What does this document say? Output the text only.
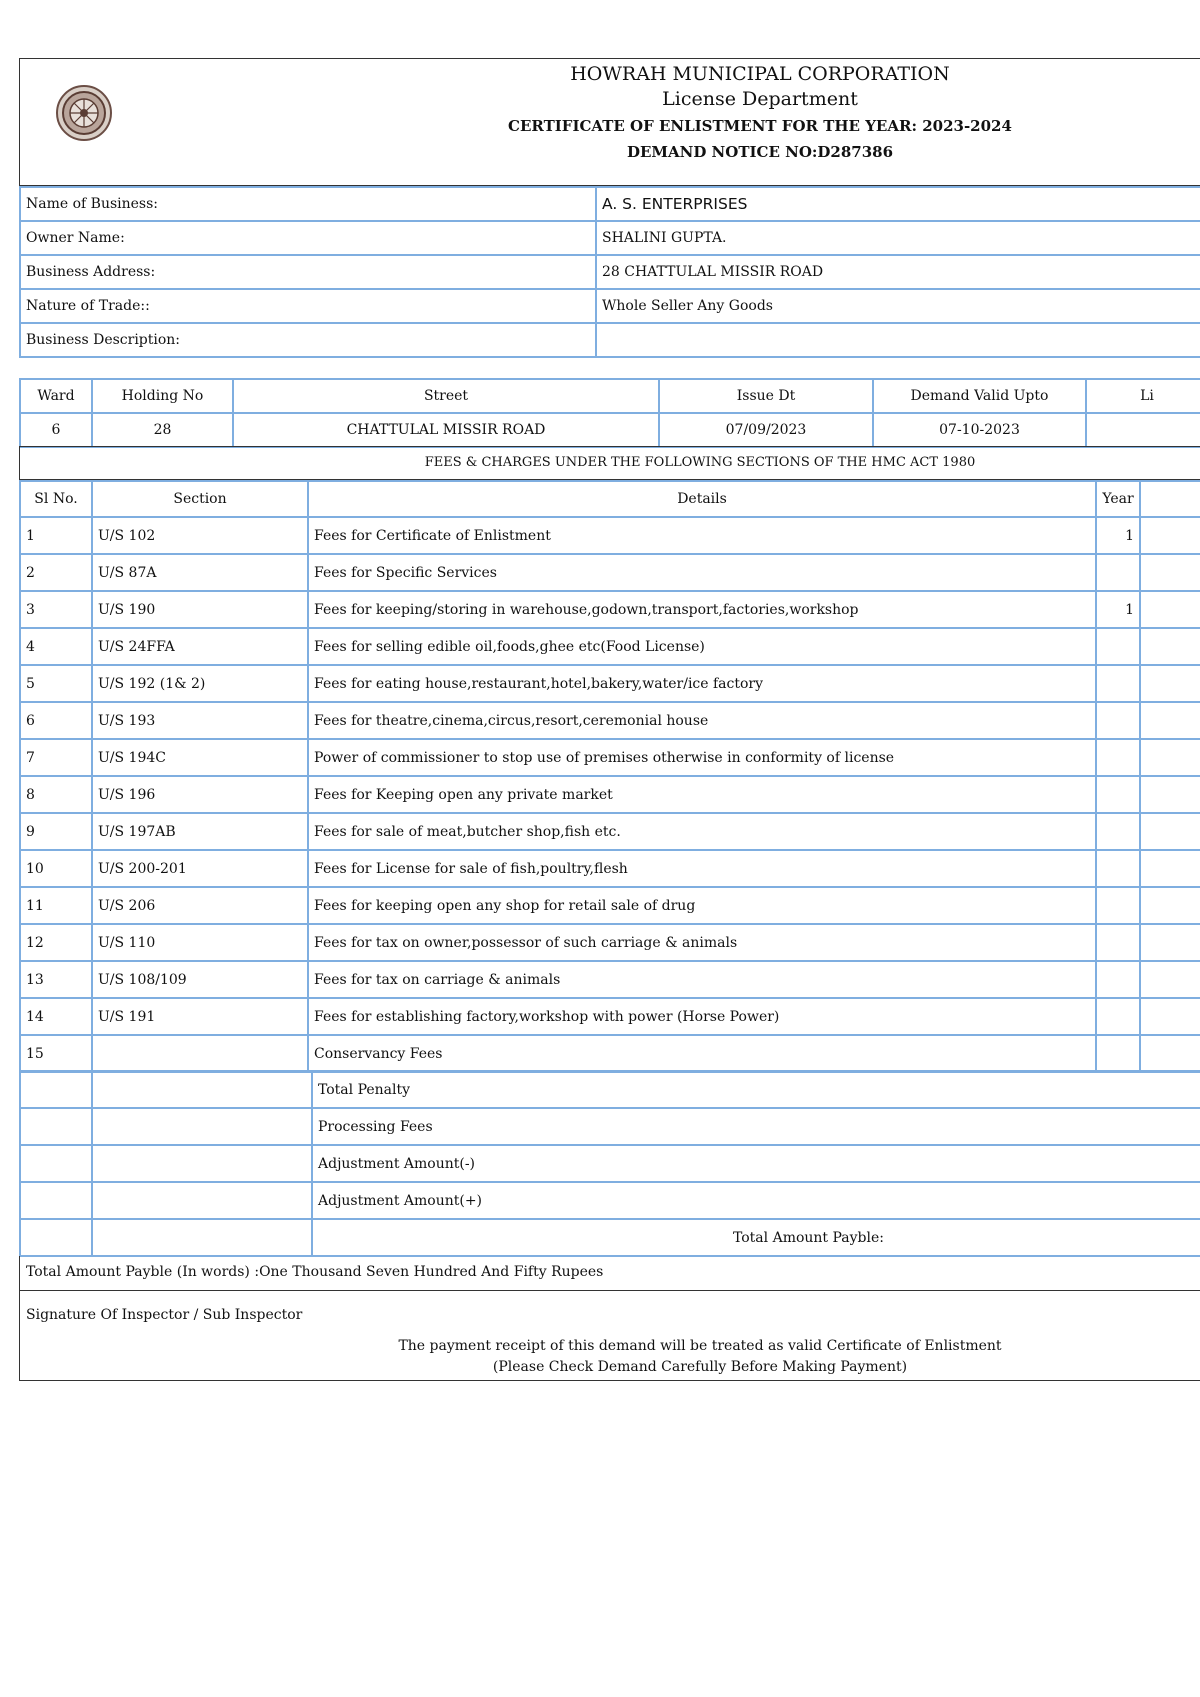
HOWRAH MUNICIPAL CORPORATION
License Department
CERTIFICATE OF ENLISTMENT FOR THE YEAR: 2023-2024
DEMAND NOTICE NO:D287386
Name of Business:	A. S. ENTERPRISES
Owner Name:	SHALINI GUPTA.
Business Address:	28 CHATTULAL MISSIR ROAD
Nature of Trade::	Whole Seller Any Goods
Business Description:	
Ward	Holding No	Street	Issue Dt	Demand Valid Upto	Li
6	28	CHATTULAL MISSIR ROAD	07/09/2023	07-10-2023	
FEES & CHARGES UNDER THE FOLLOWING SECTIONS OF THE HMC ACT 1980
Sl No.	Section	Details	Year	
1	U/S 102	Fees for Certificate of Enlistment	1	
2	U/S 87A	Fees for Specific Services		
3	U/S 190	Fees for keeping/storing in warehouse,godown,transport,factories,workshop	1	
4	U/S 24FFA	Fees for selling edible oil,foods,ghee etc(Food License)		
5	U/S 192 (1& 2)	Fees for eating house,restaurant,hotel,bakery,water/ice factory		
6	U/S 193	Fees for theatre,cinema,circus,resort,ceremonial house		
7	U/S 194C	Power of commissioner to stop use of premises otherwise in conformity of license		
8	U/S 196	Fees for Keeping open any private market		
9	U/S 197AB	Fees for sale of meat,butcher shop,fish etc.		
10	U/S 200-201	Fees for License for sale of fish,poultry,flesh		
11	U/S 206	Fees for keeping open any shop for retail sale of drug		
12	U/S 110	Fees for tax on owner,possessor of such carriage & animals		
13	U/S 108/109	Fees for tax on carriage & animals		
14	U/S 191	Fees for establishing factory,workshop with power (Horse Power)		
15		Conservancy Fees		
		Total Penalty
		Processing Fees
		Adjustment Amount(-)
		Adjustment Amount(+)
		Total Amount Payble:
Total Amount Payble (In words) :One Thousand Seven Hundred And Fifty Rupees
Signature Of Inspector / Sub Inspector
The payment receipt of this demand will be treated as valid Certificate of Enlistment
(Please Check Demand Carefully Before Making Payment)
